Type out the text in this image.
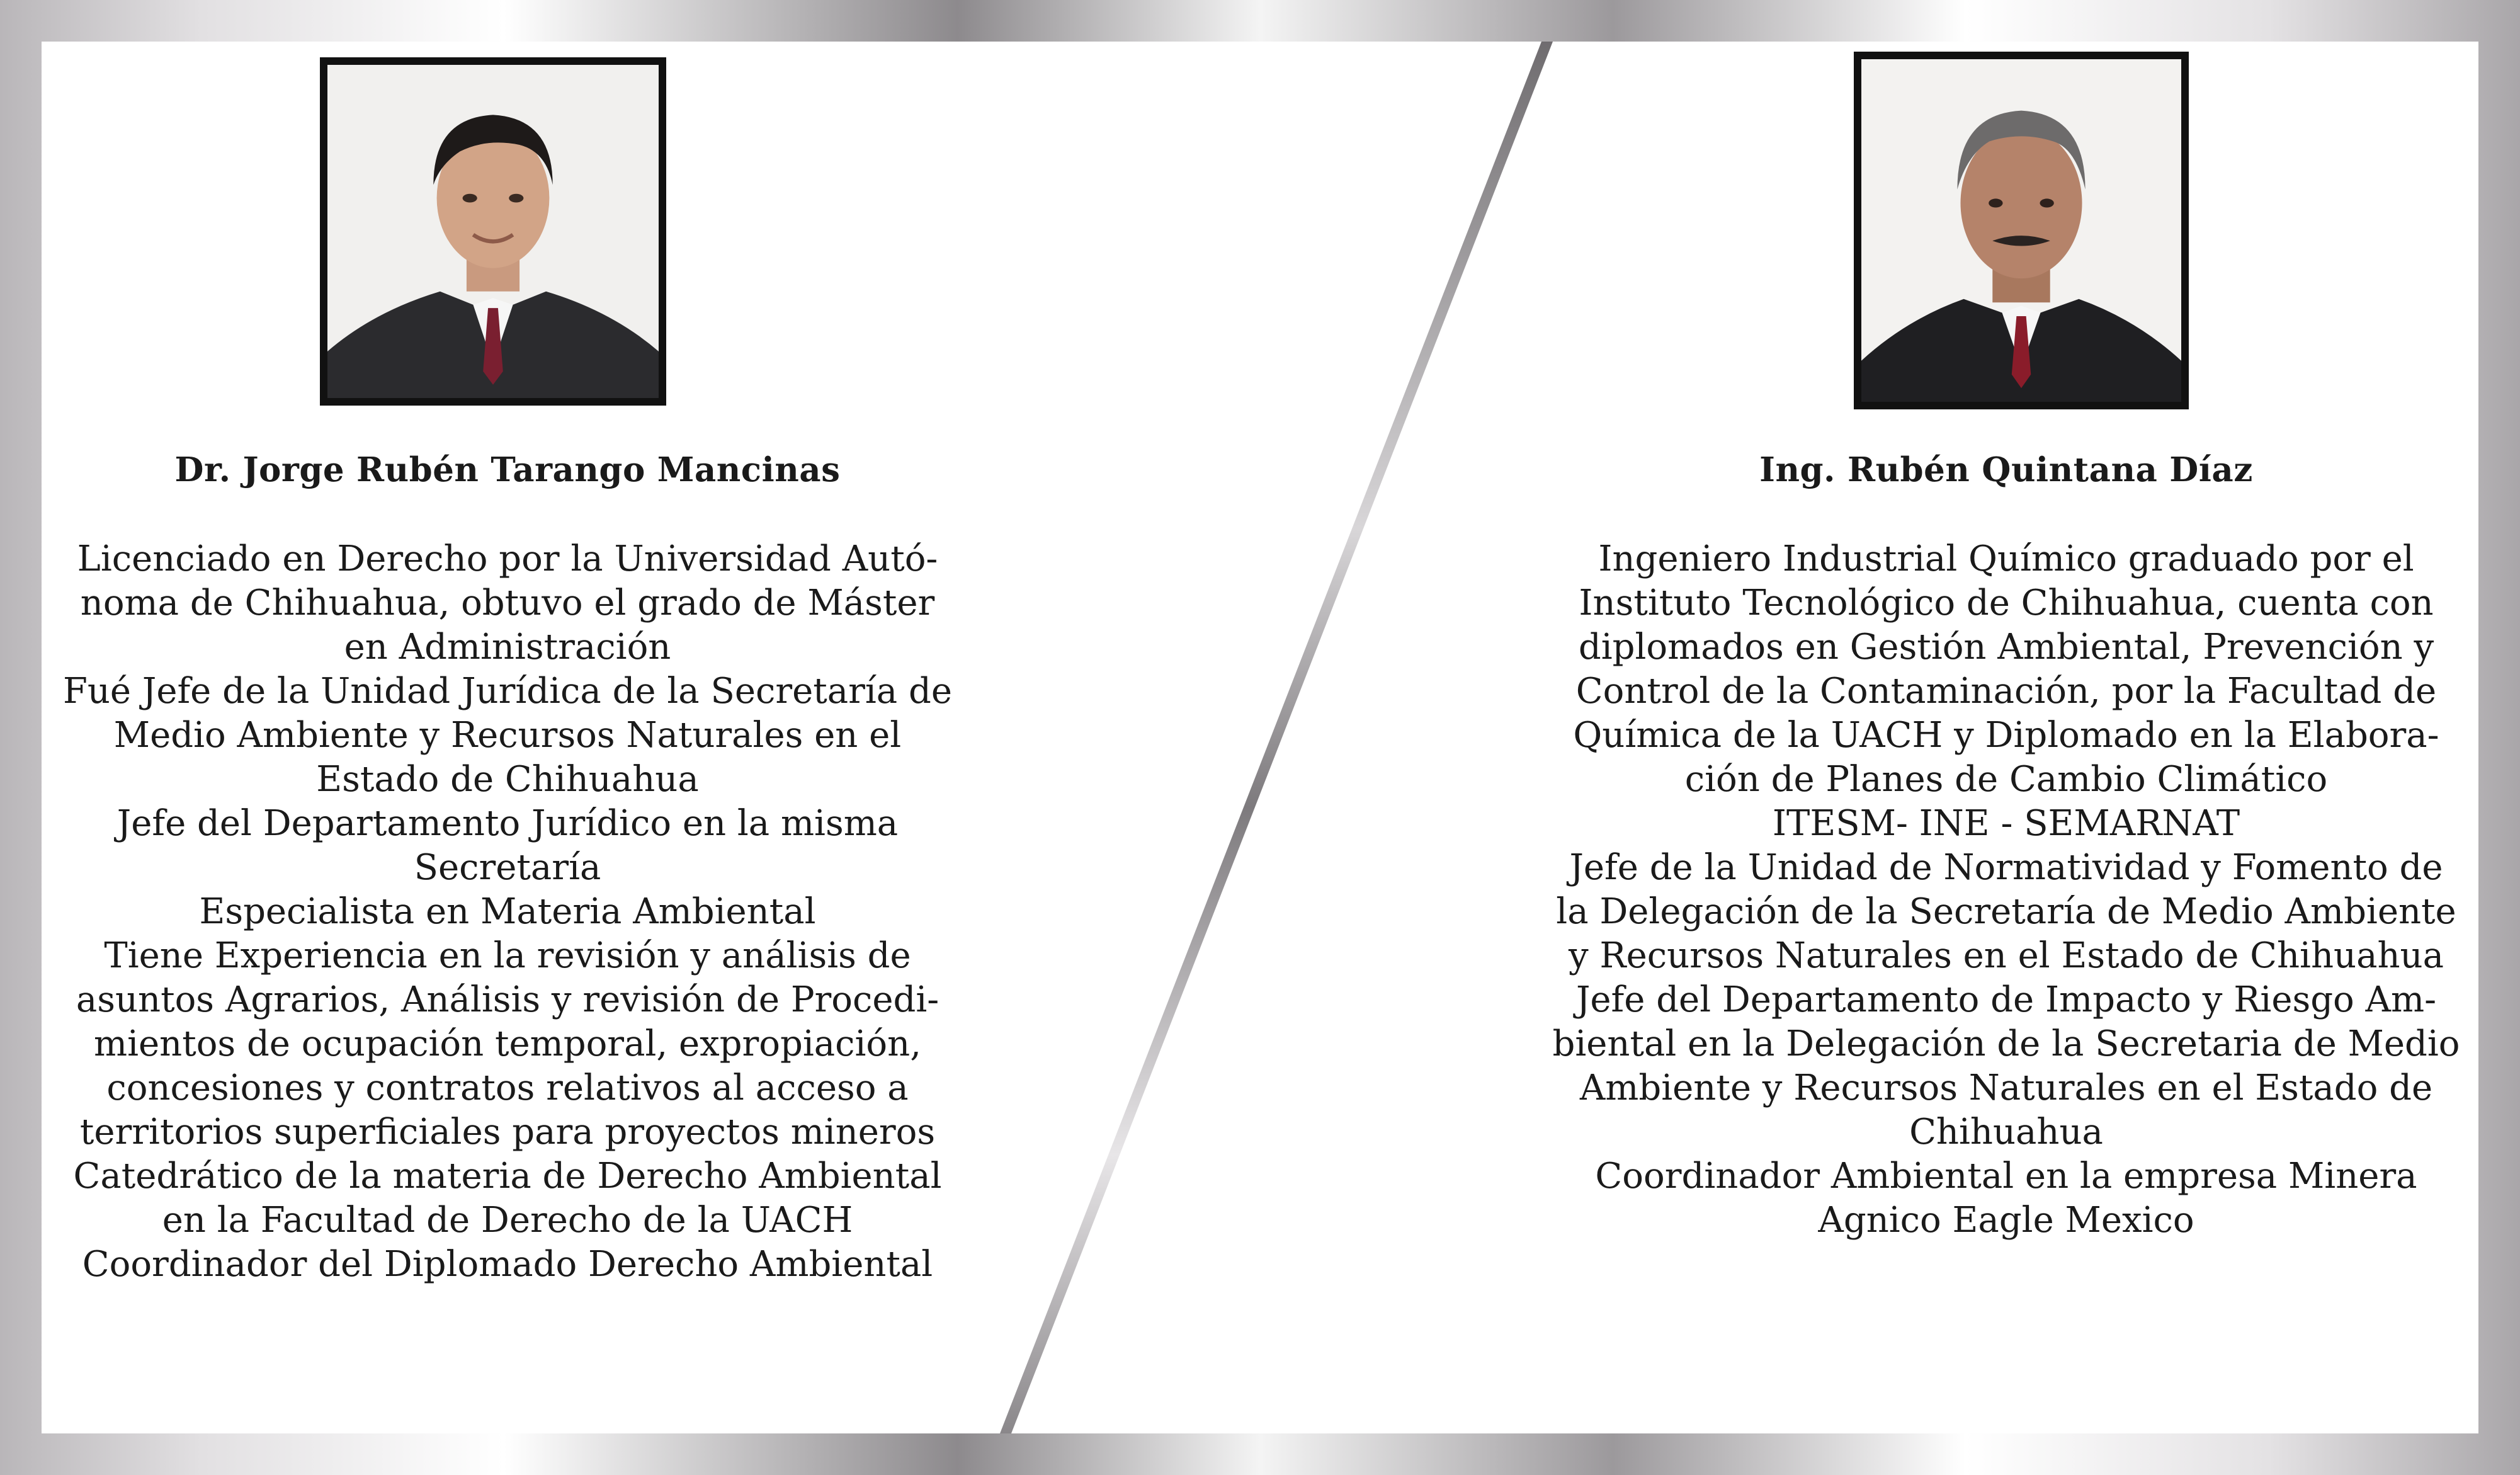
Dr. Jorge Rubén Tarango Mancinas
Licenciado en Derecho por la Universidad Autó-
noma de Chihuahua, obtuvo el grado de Máster
en Administración
Fué Jefe de la Unidad Jurídica de la Secretaría de
Medio Ambiente y Recursos Naturales en el
Estado de Chihuahua
Jefe del Departamento Jurídico en la misma
Secretaría
Especialista en Materia Ambiental
Tiene Experiencia en la revisión y análisis de
asuntos Agrarios, Análisis y revisión de Procedi-
mientos de ocupación temporal, expropiación,
concesiones y contratos relativos al acceso a
territorios superficiales para proyectos mineros
Catedrático de la materia de Derecho Ambiental
en la Facultad de Derecho de la UACH
Coordinador del Diplomado Derecho Ambiental
Ing. Rubén Quintana Díaz
Ingeniero Industrial Químico graduado por el
Instituto Tecnológico de Chihuahua, cuenta con
diplomados en Gestión Ambiental, Prevención y
Control de la Contaminación, por la Facultad de
Química de la UACH y Diplomado en la Elabora-
ción de Planes de Cambio Climático
ITESM- INE - SEMARNAT
Jefe de la Unidad de Normatividad y Fomento de
la Delegación de la Secretaría de Medio Ambiente
y Recursos Naturales en el Estado de Chihuahua
Jefe del Departamento de Impacto y Riesgo Am-
biental en la Delegación de la Secretaria de Medio
Ambiente y Recursos Naturales en el Estado de
Chihuahua
Coordinador Ambiental en la empresa Minera
Agnico Eagle Mexico
